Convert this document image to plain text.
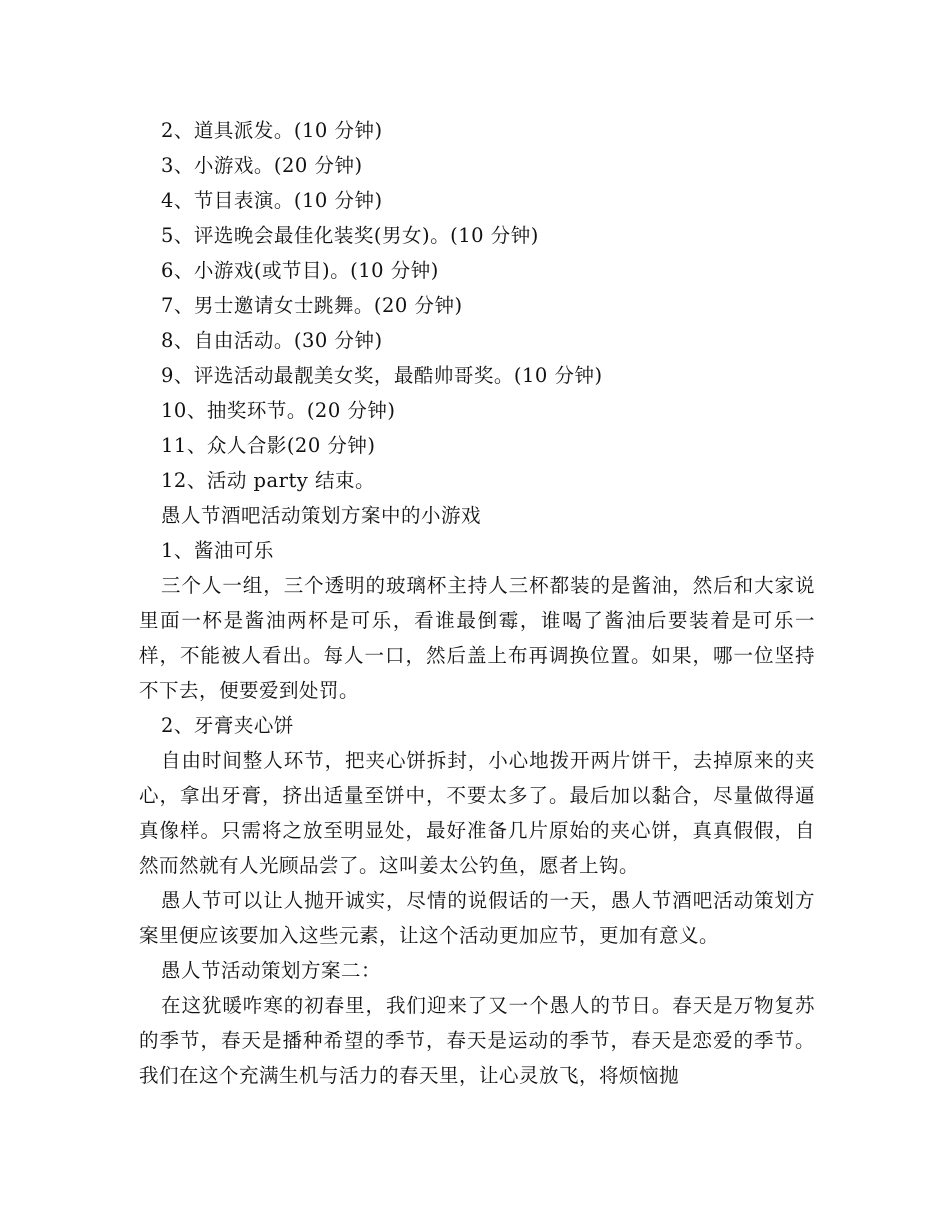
2、道具派发。(10 分钟)
3、小游戏。(20 分钟)
4、节目表演。(10 分钟)
5、评选晚会最佳化装奖(男女)。(10 分钟)
6、小游戏(或节目)。(10 分钟)
7、男士邀请女士跳舞。(20 分钟)
8、自由活动。(30 分钟)
9、评选活动最靓美女奖，最酷帅哥奖。(10 分钟)
10、抽奖环节。(20 分钟)
11、众人合影(20 分钟)
12、活动 party 结束。
愚人节酒吧活动策划方案中的小游戏
1、酱油可乐

三个人一组，三个透明的玻璃杯主持人三杯都装的是酱油，然后和大家说里面一杯是酱油两杯是可乐，看谁最倒霉，谁喝了酱油后要装着是可乐一样，不能被人看出。每人一口，然后盖上布再调换位置。如果，哪一位坚持不下去，便要爱到处罚。

2、牙膏夹心饼

自由时间整人环节，把夹心饼拆封，小心地拨开两片饼干，去掉原来的夹心，拿出牙膏，挤出适量至饼中，不要太多了。最后加以黏合，尽量做得逼真像样。只需将之放至明显处，最好准备几片原始的夹心饼，真真假假，自然而然就有人光顾品尝了。这叫姜太公钓鱼，愿者上钩。

愚人节可以让人抛开诚实，尽情的说假话的一天，愚人节酒吧活动策划方案里便应该要加入这些元素，让这个活动更加应节，更加有意义。

愚人节活动策划方案二：

在这犹暖咋寒的初春里，我们迎来了又一个愚人的节日。春天是万物复苏的季节，春天是播种希望的季节，春天是运动的季节，春天是恋爱的季节。我们在这个充满生机与活力的春天里，让心灵放飞，将烦恼抛
